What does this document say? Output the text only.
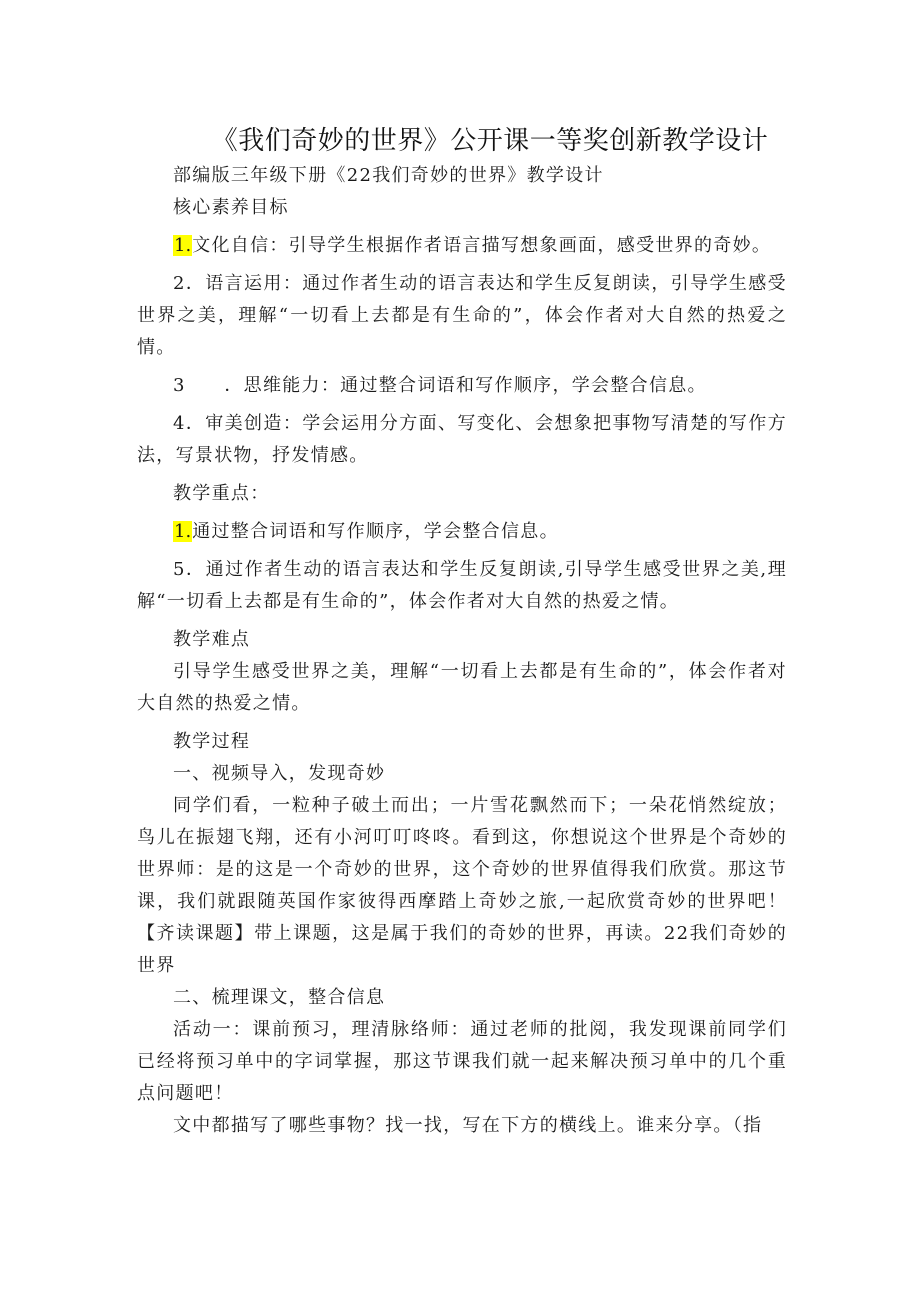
《我们奇妙的世界》公开课一等奖创新教学设计

部编版三年级下册《22我们奇妙的世界》教学设计

核心素养目标

1.文化自信：引导学生根据作者语言描写想象画面，感受世界的奇妙。

2．语言运用：通过作者生动的语言表达和学生反复朗读，引导学生感受世界之美，理解“一切看上去都是有生命的”，体会作者对大自然的热爱之情。

3　　．思维能力：通过整合词语和写作顺序，学会整合信息。

4．审美创造：学会运用分方面、写变化、会想象把事物写清楚的写作方法，写景状物，抒发情感。

教学重点：

1.通过整合词语和写作顺序，学会整合信息。

5．通过作者生动的语言表达和学生反复朗读,引导学生感受世界之美,理解“一切看上去都是有生命的”，体会作者对大自然的热爱之情。

教学难点

引导学生感受世界之美，理解“一切看上去都是有生命的”，体会作者对大自然的热爱之情。

教学过程

一、视频导入，发现奇妙

同学们看，一粒种子破土而出；一片雪花飘然而下；一朵花悄然绽放；鸟儿在振翅飞翔，还有小河叮叮咚咚。看到这，你想说这个世界是个奇妙的世界师：是的这是一个奇妙的世界，这个奇妙的世界值得我们欣赏。那这节课，我们就跟随英国作家彼得西摩踏上奇妙之旅,一起欣赏奇妙的世界吧！【齐读课题】带上课题，这是属于我们的奇妙的世界，再读。22我们奇妙的世界

二、梳理课文，整合信息

活动一：课前预习，理清脉络师：通过老师的批阅，我发现课前同学们已经将预习单中的字词掌握，那这节课我们就一起来解决预习单中的几个重点问题吧！

文中都描写了哪些事物？找一找，写在下方的横线上。谁来分享。（指
